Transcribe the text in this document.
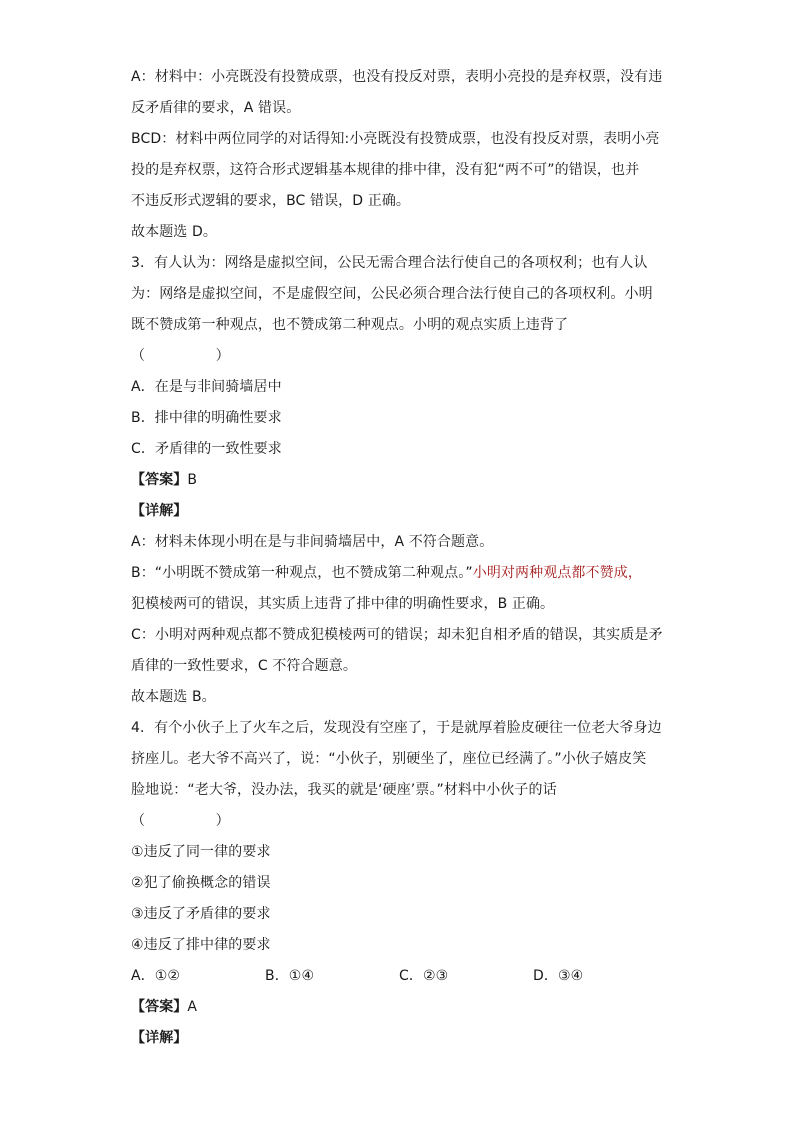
A：材料中：小亮既没有投赞成票，也没有投反对票，表明小亮投的是弃权票，没有违
反矛盾律的要求，A 错误。
BCD：材料中两位同学的对话得知:小亮既没有投赞成票，也没有投反对票，表明小亮
投的是弃权票，这符合形式逻辑基本规律的排中律，没有犯“两不可”的错误，也并
不违反形式逻辑的要求，BC 错误，D 正确。
故本题选 D。
3．有人认为：网络是虚拟空间，公民无需合理合法行使自己的各项权利；也有人认
为：网络是虚拟空间，不是虚假空间，公民必须合理合法行使自己的各项权利。小明
既不赞成第一种观点，也不赞成第二种观点。小明的观点实质上违背了
（　　　　　）
A．在是与非间骑墙居中
B．排中律的明确性要求
C．矛盾律的一致性要求
【答案】B
【详解】
A：材料未体现小明在是与非间骑墙居中，A 不符合题意。
B：“小明既不赞成第一种观点，也不赞成第二种观点。”小明对两种观点都不赞成，
犯模棱两可的错误，其实质上违背了排中律的明确性要求，B 正确。
C：小明对两种观点都不赞成犯模棱两可的错误；却未犯自相矛盾的错误，其实质是矛
盾律的一致性要求，C 不符合题意。
故本题选 B。
4．有个小伙子上了火车之后，发现没有空座了，于是就厚着脸皮硬往一位老大爷身边
挤座儿。老大爷不高兴了，说：“小伙子，别硬坐了，座位已经满了。”小伙子嬉皮笑
脸地说：“老大爷，没办法，我买的就是‘硬座’票。”材料中小伙子的话
（　　　　　）
①违反了同一律的要求
②犯了偷换概念的错误
③违反了矛盾律的要求
④违反了排中律的要求
A．①②	B．①④	C．②③	D．③④
【答案】A
【详解】
